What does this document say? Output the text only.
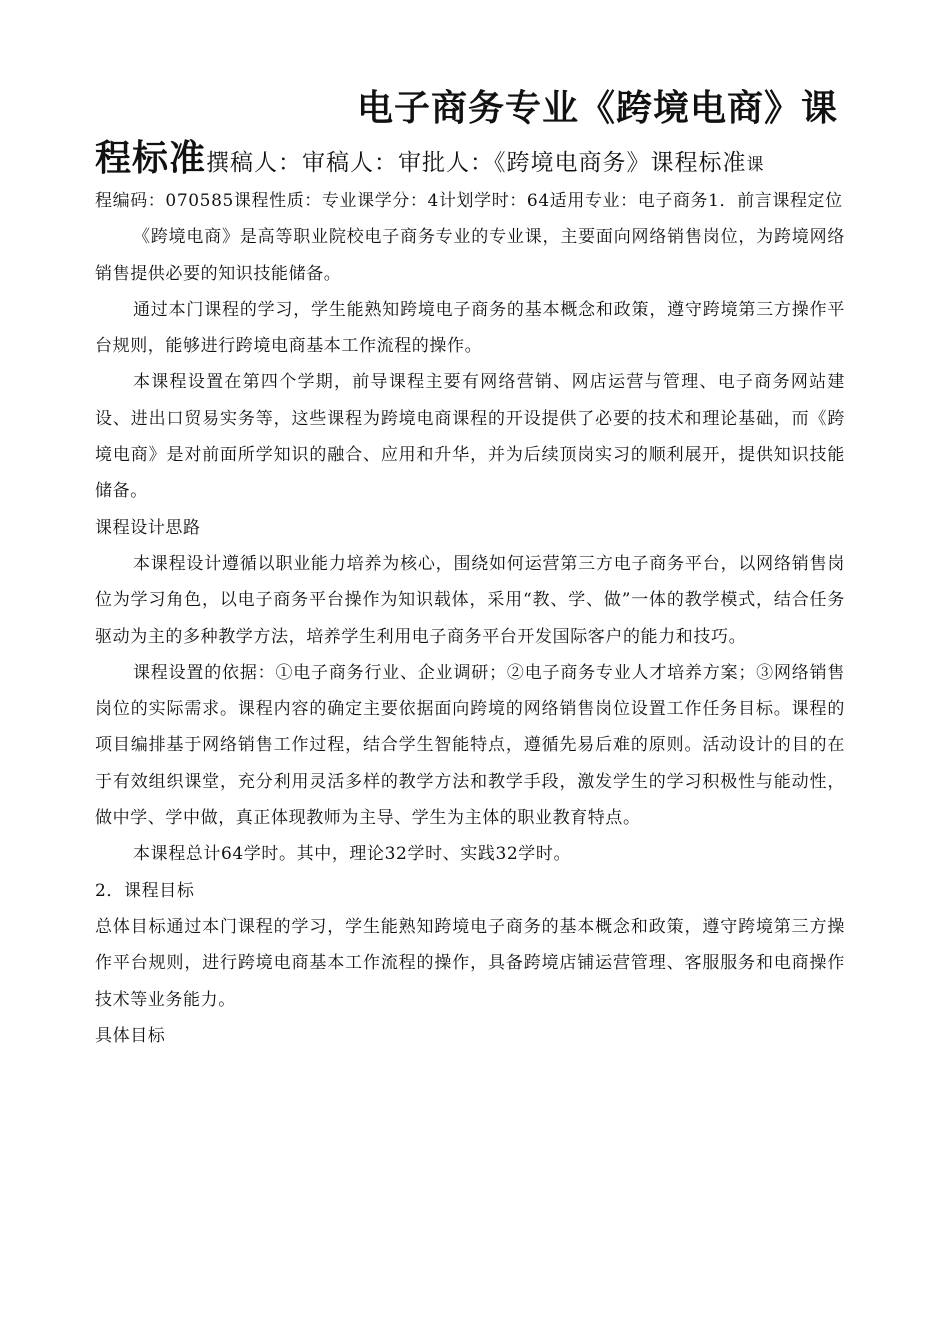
电子商务专业《跨境电商》课
程标准撰稿人：审稿人：审批人：《跨境电商务》课程标准课

程编码：070585课程性质：专业课学分：4计划学时：64适用专业：电子商务1．前言课程定位

《跨境电商》是高等职业院校电子商务专业的专业课，主要面向网络销售岗位，为跨境网络销售提供必要的知识技能储备。

通过本门课程的学习，学生能熟知跨境电子商务的基本概念和政策，遵守跨境第三方操作平台规则，能够进行跨境电商基本工作流程的操作。

本课程设置在第四个学期，前导课程主要有网络营销、网店运营与管理、电子商务网站建设、进出口贸易实务等，这些课程为跨境电商课程的开设提供了必要的技术和理论基础，而《跨境电商》是对前面所学知识的融合、应用和升华，并为后续顶岗实习的顺利展开，提供知识技能储备。

课程设计思路

本课程设计遵循以职业能力培养为核心，围绕如何运营第三方电子商务平台，以网络销售岗位为学习角色，以电子商务平台操作为知识载体，采用“教、学、做”一体的教学模式，结合任务驱动为主的多种教学方法，培养学生利用电子商务平台开发国际客户的能力和技巧。

课程设置的依据：①电子商务行业、企业调研；②电子商务专业人才培养方案；③网络销售岗位的实际需求。课程内容的确定主要依据面向跨境的网络销售岗位设置工作任务目标。课程的项目编排基于网络销售工作过程，结合学生智能特点，遵循先易后难的原则。活动设计的目的在于有效组织课堂，充分利用灵活多样的教学方法和教学手段，激发学生的学习积极性与能动性，做中学、学中做，真正体现教师为主导、学生为主体的职业教育特点。

本课程总计64学时。其中，理论32学时、实践32学时。

2．课程目标

总体目标通过本门课程的学习，学生能熟知跨境电子商务的基本概念和政策，遵守跨境第三方操作平台规则，进行跨境电商基本工作流程的操作，具备跨境店铺运营管理、客服服务和电商操作技术等业务能力。

具体目标
